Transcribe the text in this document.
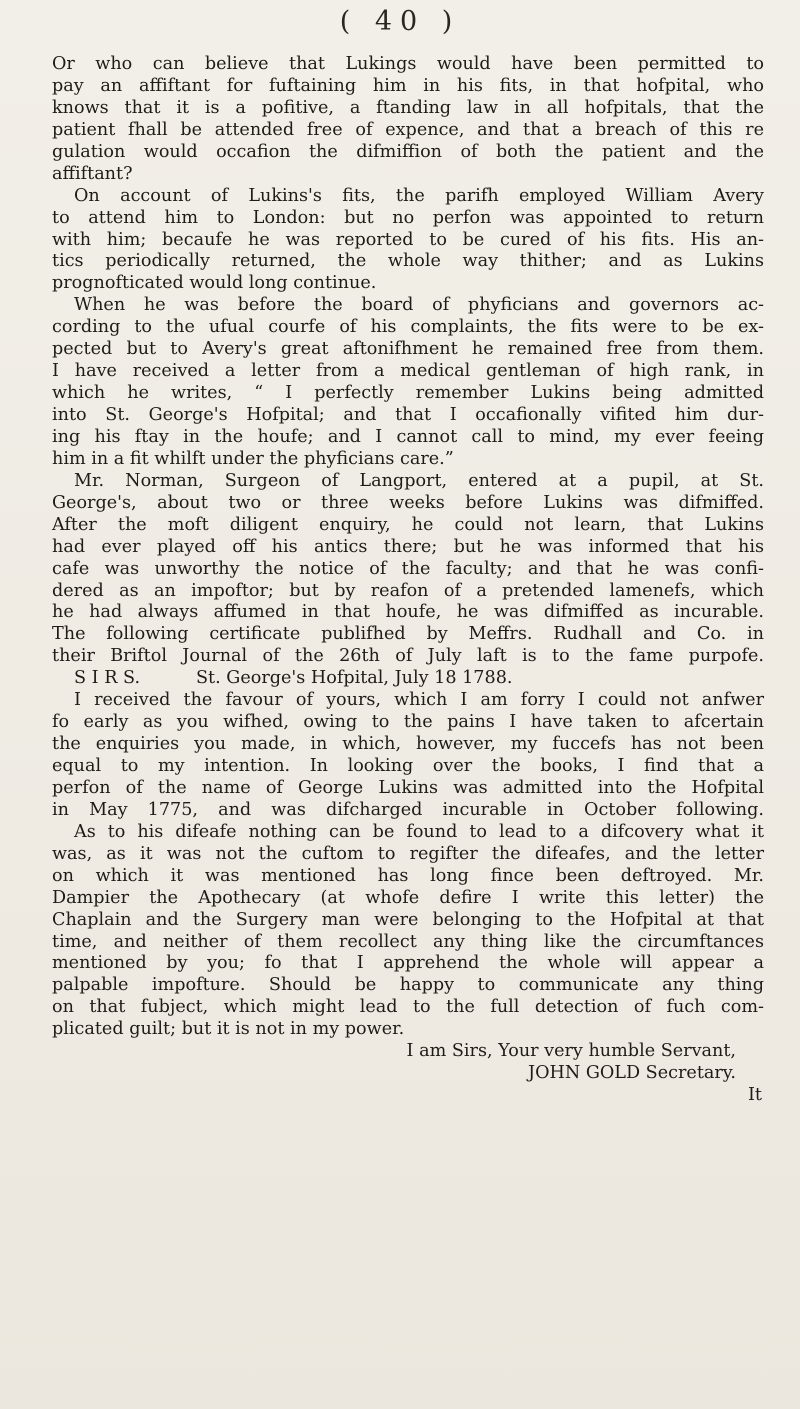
( 40 )
Or who can believe that Lukings would have been permitted to
pay an affiftant for fuftaining him in his fits, in that hofpital, who
knows that it is a pofitive, a ftanding law in all hofpitals, that the
patient fhall be attended free of expence, and that a breach of this re
gulation would occafion the difmiffion of both the patient and the
affiftant?
On account of Lukins's fits, the parifh employed William Avery
to attend him to London: but no perfon was appointed to return
with him; becaufe he was reported to be cured of his fits. His an-
tics periodically returned, the whole way thither; and as Lukins
prognofticated would long continue.
When he was before the board of phyficians and governors ac-
cording to the ufual courfe of his complaints, the fits were to be ex-
pected but to Avery's great aftonifhment he remained free from them.
I have received a letter from a medical gentleman of high rank, in
which he writes, “ I perfectly remember Lukins being admitted
into St. George's Hofpital; and that I occafionally vifited him dur-
ing his ftay in the houfe; and I cannot call to mind, my ever feeing
him in a fit whilft under the phyficians care.”
Mr. Norman, Surgeon of Langport, entered at a pupil, at St.
George's, about two or three weeks before Lukins was difmiffed.
After the moft diligent enquiry, he could not learn, that Lukins
had ever played off his antics there; but he was informed that his
cafe was unworthy the notice of the faculty; and that he was confi-
dered as an impoftor; but by reafon of a pretended lamenefs, which
he had always affumed in that houfe, he was difmiffed as incurable.
The following certificate publifhed by Meffrs. Rudhall and Co. in
their Briftol Journal of the 26th of July laft is to the fame purpofe.
S I R S.          St. George's Hofpital, July 18 1788.
I received the favour of yours, which I am forry I could not anfwer
fo early as you wifhed, owing to the pains I have taken to afcertain
the enquiries you made, in which, however, my fuccefs has not been
equal to my intention. In looking over the books, I find that a
perfon of the name of George Lukins was admitted into the Hofpital
in May 1775, and was difcharged incurable in October following.
As to his difeafe nothing can be found to lead to a difcovery what it
was, as it was not the cuftom to regifter the difeafes, and the letter
on which it was mentioned has long fince been deftroyed. Mr.
Dampier the Apothecary (at whofe defire I write this letter) the
Chaplain and the Surgery man were belonging to the Hofpital at that
time, and neither of them recollect any thing like the circumftances
mentioned by you; fo that I apprehend the whole will appear a
palpable impofture. Should be happy to communicate any thing
on that fubject, which might lead to the full detection of fuch com-
plicated guilt; but it is not in my power.
I am Sirs, Your very humble Servant,
JOHN GOLD Secretary.
It
